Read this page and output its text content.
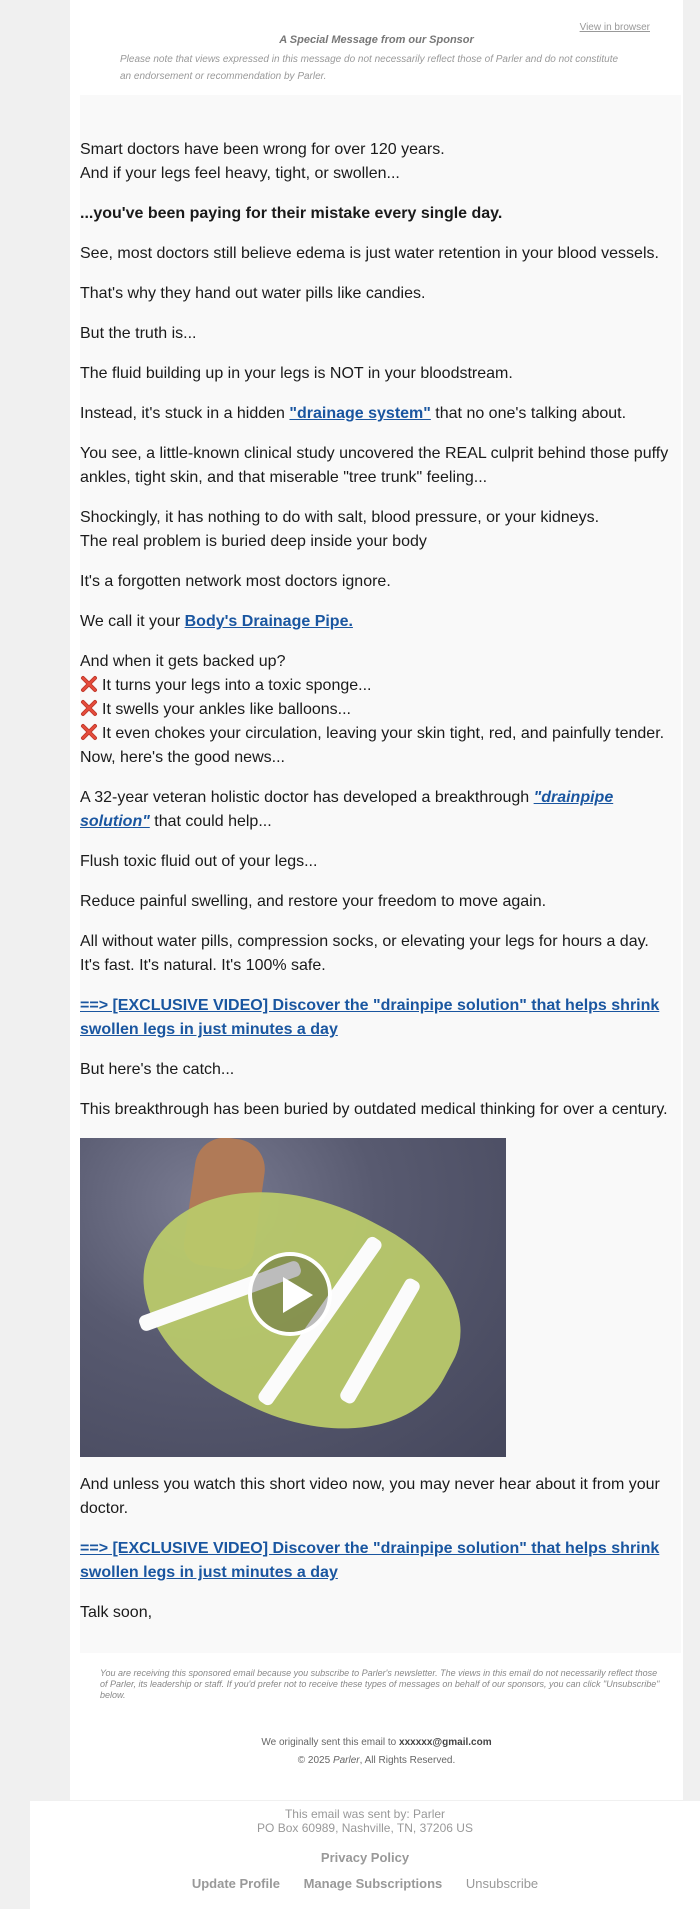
View in browser
A Special Message from our Sponsor
Please note that views expressed in this message do not necessarily reflect those of Parler and do not constitute an endorsement or recommendation by Parler.

Smart doctors have been wrong for over 120 years.
And if your legs feel heavy, tight, or swollen...

...you've been paying for their mistake every single day.

See, most doctors still believe edema is just water retention in your blood vessels.

That's why they hand out water pills like candies.

But the truth is...

The fluid building up in your legs is NOT in your bloodstream.

Instead, it's stuck in a hidden "drainage system" that no one's talking about.

You see, a little-known clinical study uncovered the REAL culprit behind those puffy ankles, tight skin, and that miserable "tree trunk" feeling...

Shockingly, it has nothing to do with salt, blood pressure, or your kidneys.
The real problem is buried deep inside your body

It's a forgotten network most doctors ignore.

We call it your Body's Drainage Pipe.

And when it gets backed up?
It turns your legs into a toxic sponge...
It swells your ankles like balloons...
It even chokes your circulation, leaving your skin tight, red, and painfully tender.
Now, here's the good news...

A 32-year veteran holistic doctor has developed a breakthrough "drainpipe solution" that could help...

Flush toxic fluid out of your legs...

Reduce painful swelling, and restore your freedom to move again.

All without water pills, compression socks, or elevating your legs for hours a day.
It's fast. It's natural. It's 100% safe.

==> [EXCLUSIVE VIDEO] Discover the "drainpipe solution" that helps shrink swollen legs in just minutes a day

But here's the catch...

This breakthrough has been buried by outdated medical thinking for over a century.

And unless you watch this short video now, you may never hear about it from your doctor.

==> [EXCLUSIVE VIDEO] Discover the "drainpipe solution" that helps shrink swollen legs in just minutes a day

Talk soon,

You are receiving this sponsored email because you subscribe to Parler's newsletter. The views in this email do not necessarily reflect those of Parler, its leadership or staff. If you'd prefer not to receive these types of messages on behalf of our sponsors, you can click "Unsubscribe" below.
We originally sent this email to xxxxxx@gmail.com
© 2025 Parler, All Rights Reserved.
This email was sent by: Parler
PO Box 60989, Nashville, TN, 37206 US
Privacy Policy
Update Profile Manage Subscriptions Unsubscribe
